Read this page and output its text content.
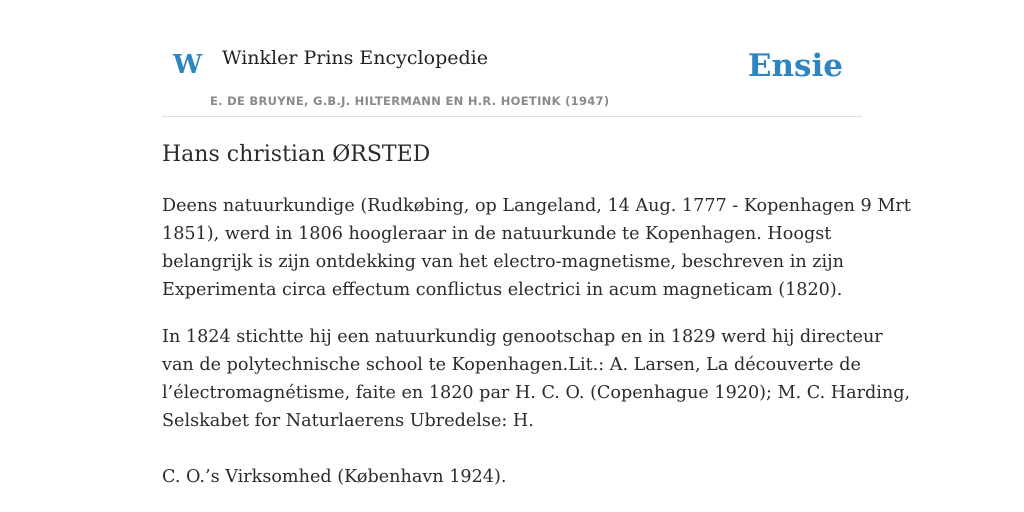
W Winkler Prins Encyclopedie
E. DE BRUYNE, G.B.J. HILTERMANN EN H.R. HOETINK (1947)
Ensie
Hans christian ØRSTED

Deens natuurkundige (Rudkøbing, op Langeland, 14 Aug. 1777 - Kopenhagen 9 Mrt
1851), werd in 1806 hoogleraar in de natuurkunde te Kopenhagen. Hoogst
belangrijk is zijn ontdekking van het electro-magnetisme, beschreven in zijn
Experimenta circa effectum conflictus electrici in acum magneticam (1820).

In 1824 stichtte hij een natuurkundig genootschap en in 1829 werd hij directeur
van de polytechnische school te Kopenhagen.Lit.: A. Larsen, La découverte de
l’électromagnétisme, faite en 1820 par H. C. O. (Copenhague 1920); M. C. Harding,
Selskabet for Naturlaerens Ubredelse: H.

C. O.’s Virksomhed (København 1924).
